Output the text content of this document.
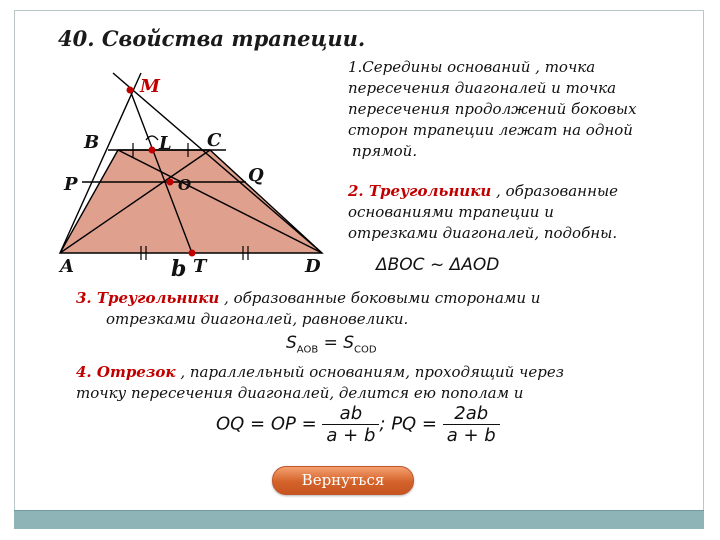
40. Свойства трапеции.

M
B	L C
P	O	Q
A	b T	D
1.Середины оснований , точка
пересечения диагоналей и точка
пересечения продолжений боковых
сторон трапеции лежат на одной
прямой.
2. Треугольники , образованные
основаниями трапеции и
отрезками диагоналей, подобны.
ΔBOC ~ ΔAOD
3. Треугольники , образованные боковыми сторонами и
отрезками диагоналей, равновелики.
$S_{AOB} = S_{COD}$
4. Отрезок , параллельный основаниям, проходящий через
точку пересечения диагоналей, делится ею пополам и
OQ = OP = $\frac{ab}{a + b}$ ; PQ = $\frac{2ab}{a + b}$
Вернуться
